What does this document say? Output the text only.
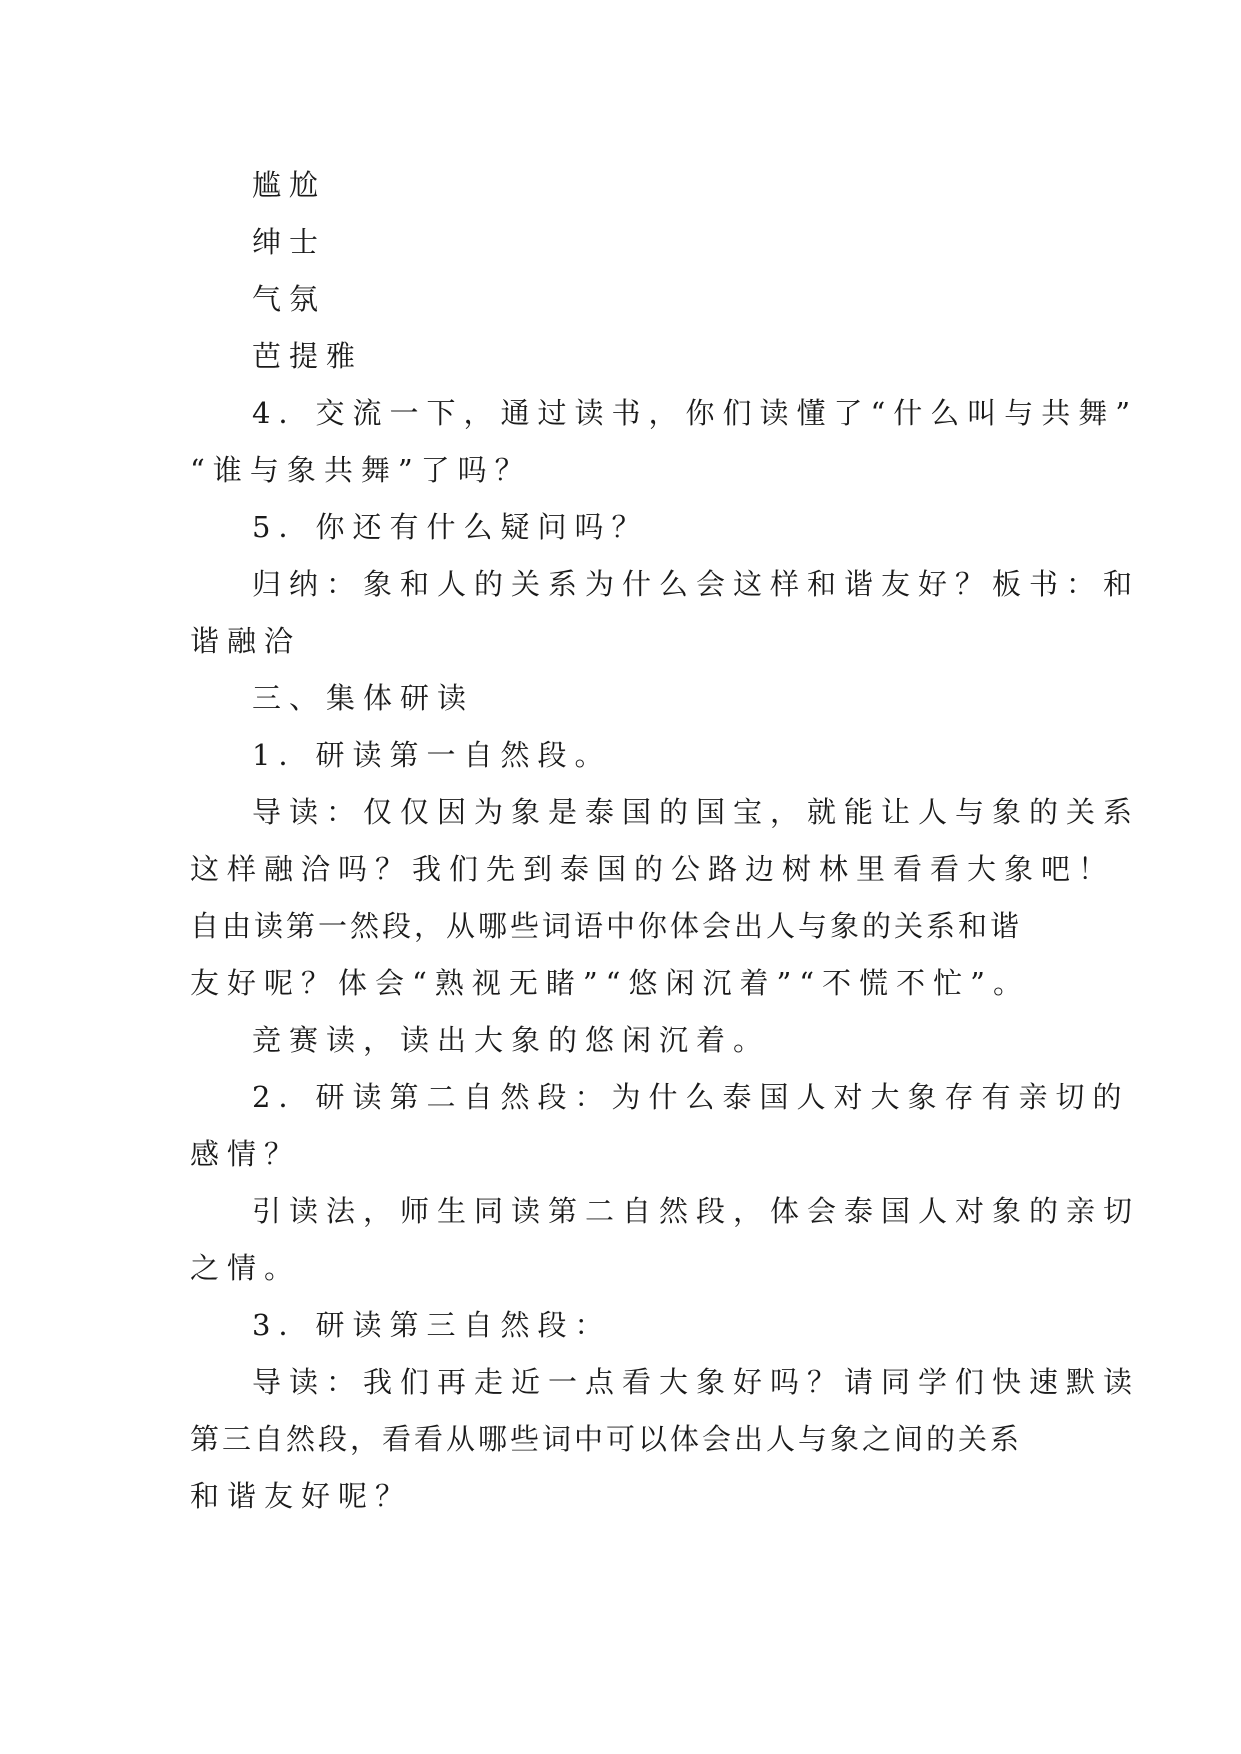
尴尬
绅士
气氛
芭提雅
4．交流一下，通过读书，你们读懂了“什么叫与共舞”
“谁与象共舞”了吗？
5．你还有什么疑问吗？
归纳：象和人的关系为什么会这样和谐友好？板书：和
谐融洽
三、集体研读
1．研读第一自然段。
导读：仅仅因为象是泰国的国宝，就能让人与象的关系
这样融洽吗？我们先到泰国的公路边树林里看看大象吧！
自由读第一然段，从哪些词语中你体会出人与象的关系和谐
友好呢？体会“熟视无睹”“悠闲沉着”“不慌不忙”。
竞赛读，读出大象的悠闲沉着。
2．研读第二自然段：为什么泰国人对大象存有亲切的
感情？
引读法，师生同读第二自然段，体会泰国人对象的亲切
之情。
3．研读第三自然段：
导读：我们再走近一点看大象好吗？请同学们快速默读
第三自然段，看看从哪些词中可以体会出人与象之间的关系
和谐友好呢？
